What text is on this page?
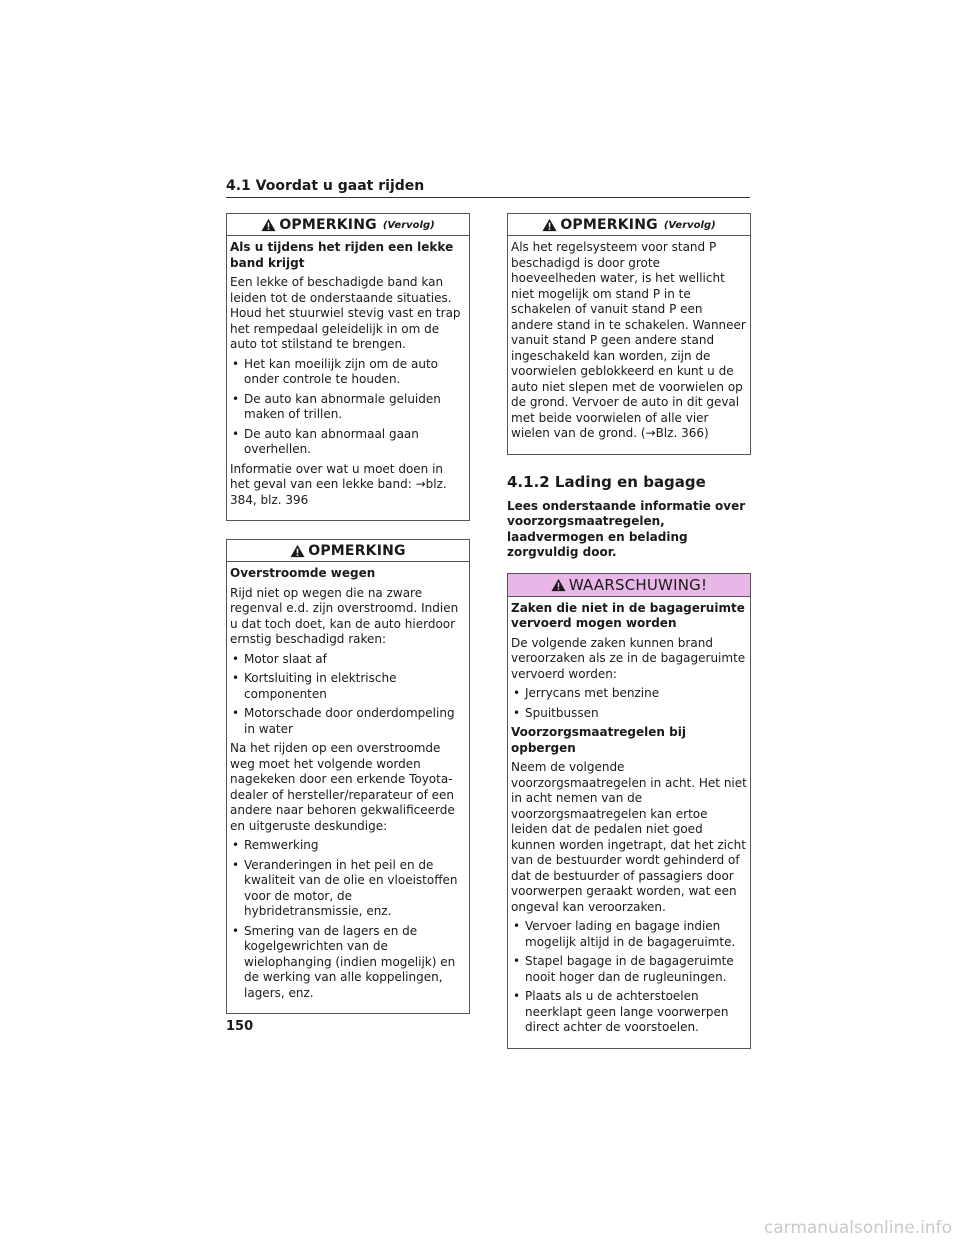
4.1 Voordat u gaat rijden
OPMERKING (Vervolg)
Als u tijdens het rijden een lekke band krijgt

Een lekke of beschadigde band kan leiden tot de onderstaande situaties. Houd het stuurwiel stevig vast en trap het rempedaal geleidelijk in om de auto tot stilstand te brengen.

• Het kan moeilijk zijn om de auto onder controle te houden.
• De auto kan abnormale geluiden maken of trillen.
• De auto kan abnormaal gaan overhellen.

Informatie over wat u moet doen in het geval van een lekke band: →blz. 384, blz. 396

OPMERKING
Overstroomde wegen

Rijd niet op wegen die na zware regenval e.d. zijn overstroomd. Indien u dat toch doet, kan de auto hierdoor ernstig beschadigd raken:

• Motor slaat af
• Kortsluiting in elektrische componenten
• Motorschade door onderdompeling in water

Na het rijden op een overstroomde weg moet het volgende worden nagekeken door een erkende Toyota-dealer of hersteller/reparateur of een andere naar behoren gekwalificeerde en uitgeruste deskundige:

• Remwerking
• Veranderingen in het peil en de kwaliteit van de olie en vloeistoffen voor de motor, de hybridetransmissie, enz.
• Smering van de lagers en de kogelgewrichten van de wielophanging (indien mogelijk) en de werking van alle koppelingen, lagers, enz.
OPMERKING (Vervolg)

Als het regelsysteem voor stand P beschadigd is door grote hoeveelheden water, is het wellicht niet mogelijk om stand P in te schakelen of vanuit stand P een andere stand in te schakelen. Wanneer vanuit stand P geen andere stand ingeschakeld kan worden, zijn de voorwielen geblokkeerd en kunt u de auto niet slepen met de voorwielen op de grond. Vervoer de auto in dit geval met beide voorwielen of alle vier wielen van de grond. (→Blz. 366)

4.1.2 Lading en bagage

Lees onderstaande informatie over voorzorgsmaatregelen, laadvermogen en belading zorgvuldig door.

WAARSCHUWING!
Zaken die niet in de bagageruimte vervoerd mogen worden

De volgende zaken kunnen brand veroorzaken als ze in de bagageruimte vervoerd worden:

• Jerrycans met benzine
• Spuitbussen
Voorzorgsmaatregelen bij opbergen

Neem de volgende voorzorgsmaatregelen in acht. Het niet in acht nemen van de voorzorgsmaatregelen kan ertoe leiden dat de pedalen niet goed kunnen worden ingetrapt, dat het zicht van de bestuurder wordt gehinderd of dat de bestuurder of passagiers door voorwerpen geraakt worden, wat een ongeval kan veroorzaken.

• Vervoer lading en bagage indien mogelijk altijd in de bagageruimte.
• Stapel bagage in de bagageruimte nooit hoger dan de rugleuningen.
• Plaats als u de achterstoelen neerklapt geen lange voorwerpen direct achter de voorstoelen.
150
carmanualsonline.info
